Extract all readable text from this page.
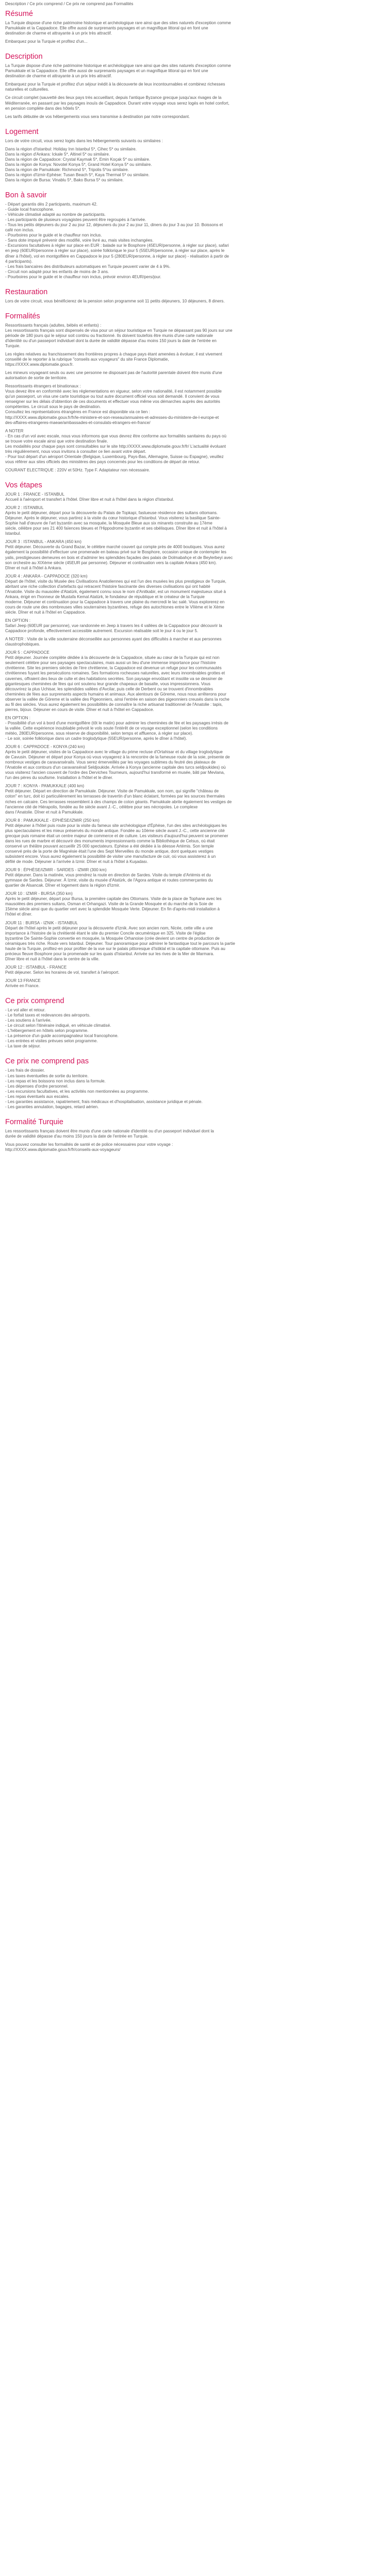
Description / Ce prix comprend / Ce prix ne comprend pas Formalités
Résumé
La Turquie dispose d'une riche patrimoine historique et archéologique rare ainsi que des sites naturels d'exception comme
Pamukkale et la Cappadoce. Elle offre aussi de surprenants paysages et un magnifique littoral qui en font une
destination de charme et attrayante à un prix très attractif.
Embarquez pour la Turquie et profitez d'un...
Description
La Turquie dispose d'une riche patrimoine historique et archéologique rare ainsi que des sites naturels d'exception comme
Pamukkale et la Cappadoce. Elle offre aussi de surprenants paysages et un magnifique littoral qui en font une
destination de charme et attrayante à un prix très attractif.
Embarquez pour la Turquie et profitez d'un séjour inédit à la découverte de leux incontournables et combinez richesses
naturelles et culturelles.
Ce circuit complet (sauvetté des lieux pays très accueillant, depuis l'antique Byzance grecque jusqu'aux rivages de la
Méditerranée, en passant par les paysages inouïs de Cappadoce. Durant votre voyage vous serez logés en hotel confort,
en pension complète dans des hôtels 5*.
Les tarifs débutée de vos hébergements vous sera transmise à destination par notre correspondant.
Logement
Lors de votre circuit, vous serez logés dans les hébergements suivants ou similaires :
Dans la région d'Istanbul: Holiday Inn Istanbul 5*, Cihec 5* ou similaire.
Dans la région d'Ankara: Ickale 5*, Altinel 5* ou similaire.
Dans la région de Cappadoce: Crystal Kaymak 5*, Emin Koçak 5* ou similaire.
Dans la région de Konya: Novotel Konya 5*, Grand Hotel Konya 5* ou similaire.
Dans la région de Pamukkale: Richmond 5*, Tripolis 5*ou similaire.
Dans la région d'Izmir-Ephèse: Tusan Beach 5*, Kaya Thermal 5* ou similaire.
Dans la région de Bursa: Vinablu 5*, Bako Bursa 5* ou similaire.
Bon à savoir
- Départ garantis dès 2 participants, maximum 42.
- Guide local francophone.
- Véhicule climatisé adapté au nombre de participants.
- Les participants de plusieurs voyagistes peuvent être regroupés à l'arrivée.
- Tous les petits déjeuners du jour 2 au jour 12, déjeuners du jour 2 au jour 11, diners du jour 3 au jour 10. Boissons et
café non inclus.
- Pourboires pour le guide et le chauffeur non inclus.
- Sans dote impayé prévenir des modifié, voire livré au, mais visites inchangées.
- Excursions facultatives à régler sur place en EUR : balade sur le Bosphore (45EUR/personne, à régler sur place), safari
en jeep (60EUR/personne à régler sur place), soirée folklorique le jour 5 (55EUR/personne, à régler sur place, après le
dîner à l'hôtel), vol en montgolfière en Cappadoce le jour 5 (280EUR/personne, à régler sur place) - réalisation à partir de
4 participants).
- Les frais bancaires des distributeurs automatiques en Turquie peuvent varier de 4 à 9%.
- Circuit non adapté pour les enfants de moins de 3 ans.
- Pourboires pour le guide et le chauffeur non inclus, prévoir environ 4EUR/pers/jour.
Restauration
Lors de votre circuit, vous bénéficierez de la pension selon programme soit 11 petits déjeuners, 10 déjeuners, 8 diners.
Formalités
Ressortissants français (adultes, bébés et enfants) :
Les ressortissants français sont dispensés de visa pour un séjour touristique en Turquie ne dépassant pas 90 jours sur une
période de 180 jours qui le séjour soit continu ou fractionné. Ils doivent toutefois être munis d'une carte nationale
d'identité ou d'un passeport individuel dont la durée de validité dépasse d'au moins 150 jours la date de l'entrée en
Turquie.
Les règles relatives au franchissement des frontières propres à chaque pays étant amenées à évoluer, il est vivement
conseillé de le reporter à la rubrique "conseils aux voyageurs" du site France Diplomatie,
https://XXXX.www.diplomatie.gouv.fr.
Les mineurs voyageant seuls ou avec une personne ne disposant pas de l'autorité parentale doivent être munis d'une
autorisation de sortie de territoire.
Ressortissants étrangers et binationaux :
Vous devez être en conformité avec les réglementations en vigueur, selon votre nationalité, il est notamment possible
qu'un passeport, un visa une carte touristique ou tout autre document officiel vous soit demandé. Il convient de vous
renseigner sur les délais d'obtention de ces documents et effectuer vous même vos démarches auprès des autorités
compétentes. Le circuit sous le pays de destination.
Consultez les représentations étrangères en France est disponible via ce lien :
http://XXXX.www.diplomatie.gouv.fr/fr/le-ministere-et-son-reseau/annuaires-et-adresses-du-ministere-de-l-europe-et
des-affaires-etrangeres-maeae/ambassades-et-consulats-etrangers-en-france/
A NOTER
- En cas d'un vol avec escale, nous vous informons que vous devrez être conforme aux formalités sanitaires du pays où
se trouve votre escale ainsi que votre destination finale.
Les modalités pour chaque pays sont consultables sur le site http://XXXX.www.diplomatie.gouv.fr/fr/ L'actualité évoluant
très régulièrement, nous vous invitons à consulter ce lien avant votre départ.
- Pour tout départ d'un aéroport Orientale (Belgique, Luxembourg, Pays-Bas, Allemagne, Suisse ou Espagne), veuillez
vous référer aux sites officiels des ministères des pays concernés pour les conditions de départ de retour.
COURANT ELECTRIQUE : 220V et 50Hz. Type F. Adaptateur non nécessaire.
Vos étapes
JOUR 1 : FRANCE - ISTANBUL
Accueil à l'aéroport et transfert à l'hôtel. Dîner libre et nuit à l'hôtel dans la région d'Istanbul.
JOUR 2 : ISTANBUL
Après le petit déjeuner, départ pour la découverte du Palais de Topkapi, fastueuse résidence des sultans ottomans.
Déjeuner. Après le déjeuner, vous partirez à la visite du cœur historique d'Istanbul. Vous visiterez la basilique Sainte-
Sophie hall d'œuvre de l'art byzantin avec sa mosquée, la Mosquée Bleue aux six minarets construite au 17ème
siècle, célèbre pour ses 21 400 faïences bleues et l'Hippodrome byzantin et ses obélisques. Dîner libre et nuit à l'hôtel à
Istanbul.
JOUR 3 : ISTANBUL - ANKARA (450 km)
Petit déjeuner. Découverte du Grand Bazar, le célèbre marché couvert qui compte près de 4000 boutiques. Vous aurez
également la possibilité d'effectuer une promenade en bateau privé sur le Bosphore, occasion unique de contempler les
yalis, prestigieuses demeures en bois et d'admirer les splendides façades des palais de Dolmabahçe et de Beylerbeyi avec
son orchestre au XIXème siècle (45EUR par personne). Déjeuner et continuation vers la capitale Ankara (450 km).
Dîner et nuit à l'hôtel à Ankara.
JOUR 4 : ANKARA - CAPPADOCE (320 km)
Départ de l'hôtel, visite du Musée des Civilisations Anatoliennes qui est l'un des musées les plus prestigieux de Turquie,
abritant une riche collection d'artefacts qui retracent l'histoire fascinante des diverses civilisations qui ont habité
l'Anatolie. Visite du mausolée d'Atatürk, également connu sous le nom d'Anitkabir, est un monument majestueux situé à
Ankara, érigé en l'honneur de Mustafa Kemal Atatürk, le fondateur de république et le créateur de la Turquie
moderne. Déjeuner et continuation pour la Cappadoce à travers une plaine du mercredi le lac salé. Vous explorerez en
cours de route une des nombreuses villes souterraines byzantines, refuge des autochtones entre le VIIème et le Xème
siècle. Dîner et nuit à l'hôtel en Cappadoce.
EN OPTION :
Safari Jeep (60EUR par personne), vue randonnée en Jeep à travers les 4 vallées de la Cappadoce pour découvrir la
Cappadoce profonde, effectivement accessible autrement. Excursion réalisable soit le jour 4 ou le jour 5.
A NOTER : Visite de la ville souterraine déconseillée aux personnes ayant des difficultés à marcher et aux personnes
claustrophobiques.
JOUR 5 : CAPPADOCE
Petit déjeuner. Journée complète dédiée à la découverte de la Cappadoce, située au cœur de la Turquie qui est non
seulement célèbre pour ses paysages spectaculaires, mais aussi un lieu d'une immense importance pour l'histoire
chrétienne. Site les premiers siècles de l'ère chrétienne, la Cappadoce est devenue un refuge pour les communautés
chrétiennes fuyant les persécutions romaines. Ses formations rocheuses naturelles, avec leurs innombrables grottes et
cavernes, offraient des lieux de culte et des habitations secrètes. Son paysage envoûtant et insolite va se dessiner de
gigantesques cheminées de fées qui ont soutenu leur grande chapeaux de basalte, vous impressionnera. Vous
découvrirez la plus Uchisar, les splendides vallées d'Avcilar, puis celle de Derbent ou se trouvent d'innombrables
cheminées de fées aux surprenants aspects humains et animaux. Aux alentours de Göreme, nous nous arrêterons pour
observer la vallée de Göreme et la vallée des Pigeonniers, ainsi l'entrée en saison des pigeonniers creusés dans la roche
au fil des siècles. Vous aurez également les possibilités de connaître la riche artisanat traditionnel de l'Anatolie : tapis,
pierres, bijoux. Déjeuner en cours de visite. Dîner et nuit à l'hôtel en Cappadoce.
EN OPTION :
- Possibilité d'un vol à bord d'une montgolfière (tôt le matin) pour admirer les cheminées de fée et les paysages irrésis de
la vallée. Cette expérience inoubliable prévoit le vols soute l'intérêt de ce voyage exceptionnel (selon les conditions
météo, 280EUR/personne, sous réserve de disponibilité, selon temps et affluence, à régler sur place).
- Le soir, soirée folklorique dans un cadre troglodytique (55EUR/personne, après le dîner à l'hôtel).
JOUR 6 : CAPPADOCE - KONYA (240 km)
Après le petit déjeuner, visites de la Cappadoce avec le village du prime recluse d'Ortahisar et du village troglodytique
de Cavusin. Déjeuner et départ pour Konya où vous voyagerez à la rencontre de la fameuse route de la soie, présente de
nombreux vestiges de caravansérails. Vous serez émerveillés par les voyages sublimes du feutré des plateaux de
l'Anatolie et aux contours d'un caravansérail Seldjoukide. Arrivée à Konya (ancienne capitale des turcs seldjoukides) où
vous visiterez l'ancien couvent de l'ordre des Derviches Tourneurs, aujourd'hui transformé en musée, bâti par Mevlana,
l'un des pères du soufisme. Installation à l'hôtel et le dîner.
JOUR 7 : KONYA - PAMUKKALE (400 km)
Petit déjeuner. Départ en direction de Pamukkale. Déjeuner. Visite de Pamukkale, son nom, qui signifie "château de
coton" en turc, doit ici particulièrement les terrasses de travertin d'un blanc éclatant, formées par les sources thermales
riches en calcaire. Ces terrasses ressemblent à des champs de coton géants. Pamukkale abrite également les vestiges de
l'ancienne cité de Hiérapolis, fondée au IIe siècle avant J.-C., célèbre pour ses nécropoles. Le complexe
dans l'Anatolie. Dîner et nuit à Pamukkale.
JOUR 8 : PAMUKKALE - EPHÈSE/IZMIR (250 km)
Petit déjeuner à l'hôtel puis route pour la visite du fameux site archéologique d'Éphèse, l'un des sites archéologiques les
plus spectaculaires et les mieux préservés du monde antique. Fondée au 10ème siècle avant J.-C., cette ancienne cité
grecque puis romaine était un centre majeur de commerce et de culture. Les visiteurs d'aujourd'hui peuvent se promener
dans les rues de marbre et découvrir des monuments impressionnants comme la Bibliothèque de Celsus, où était
conservé un théâtre pouvant accueillir 25 000 spectateurs. Ephèse a été dédiée à la déesse Artémis. Son temple
conservé près de la porte de Magnésie était l'une des Sept Merveilles du monde antique, dont quelques vestiges
subsistent encore. Vous aurez également la possibilité de visiter une manufacture de cuir, où vous assisterez à un
défilé de mode. Déjeuner à l'arrivée à Izmir. Dîner et nuit à l'hôtel à Kuşadası.
JOUR 9 : ÉPHÈSE/IZMIR - SARDES - IZMIR (300 km)
Petit déjeuner. Dans la matinée, vous prendrez la route en direction de Sardes. Visite du temple d'Artémis et du
gymnase de Sardes. Déjeuner. À Izmir, visite du musée d'Atatürk, de l'Agora antique et routes commerçantes du
quartier de Alsancak. Dîner et logement dans la région d'Izmir.
JOUR 10 : IZMIR - BURSA (350 km)
Après le petit déjeuner, départ pour Bursa, la première capitale des Ottomans. Visite de la place de Tophane avec les
mausolées des premiers sultans, Osman et Orhangazi. Visite de la Grande Mosquée et du marché de la Soie de
15ème siècle ainsi que du quartier vert avec la splendide Mosquée Verte. Déjeuner. En fin d'après-midi installation à
l'hôtel et dîner.
JOUR 11 : BURSA - IZNIK - ISTANBUL
Départ de l'hôtel après le petit déjeuner pour la découverte d'Iznik. Avec son ancien nom, Nicée, cette ville a une
importance à l'histoire de la chrétienté étant le site du premier Concile œcuménique en 325. Visite de l'église
byzantine De Sainte-Sophie convertie en mosquée, la Mosquée Orhanoise (crée devient un centre de production de
céramiques très riche. Route vers Istanbul. Déjeuner. Tour panoramique pour admirer le fantastique tout le parcours la partie
haute de la Turquie, profitez-en pour profiter de la vue sur le palais pittoresque d'Istiklal et la capitale ottomane. Puis au
précieux fleuve Bosphore pour la promenade sur les quais d'Istanbul. Arrivée sur les rives de la Mer de Marmara.
Dîner libre et nuit à l'hôtel dans le centre de la ville.
JOUR 12 : ISTANBUL - FRANCE
Petit déjeuner. Selon les horaires de vol, transfert à l'aéroport.
JOUR 13 FRANCE
Arrivée en France.
Ce prix comprend
- Le vol aller et retour.
- Le forfait taxes et redevances des aéroports.
- Les soutiens à l'arrivée.
- Le circuit selon l'itinéraire indiqué, en véhicule climatisé.
- L'hébergement en hôtels selon programme.
- La présence d'un guide accompagnateur local francophone.
- Les entrées et visites prévues selon programme.
- La taxe de séjour.
Ce prix ne comprend pas
- Les frais de dossier.
- Les taxes éventuelles de sortie du territoire.
- Les repas et les boissons non inclus dans la formule.
- Les dépenses d'ordre personnel.
- Les excursions facultatives, et les activités non mentionnées au programme.
- Les repas éventuels aux escales.
- Les garanties assistance, rapatriement, frais médicaux et d'hospitalisation, assistance juridique et pénale.
- Les garanties annulation, bagages, retard aérien.
Formalité Turquie
Les ressortissants français doivent être munis d'une carte nationale d'identité ou d'un passeport individuel dont la
durée de validité dépasse d'au moins 150 jours la date de l'entrée en Turquie.
Vous pouvez consulter les formalités de santé et de police nécessaires pour votre voyage :
http://XXXX.www.diplomatie.gouv.fr/fr/conseils-aux-voyageurs/
